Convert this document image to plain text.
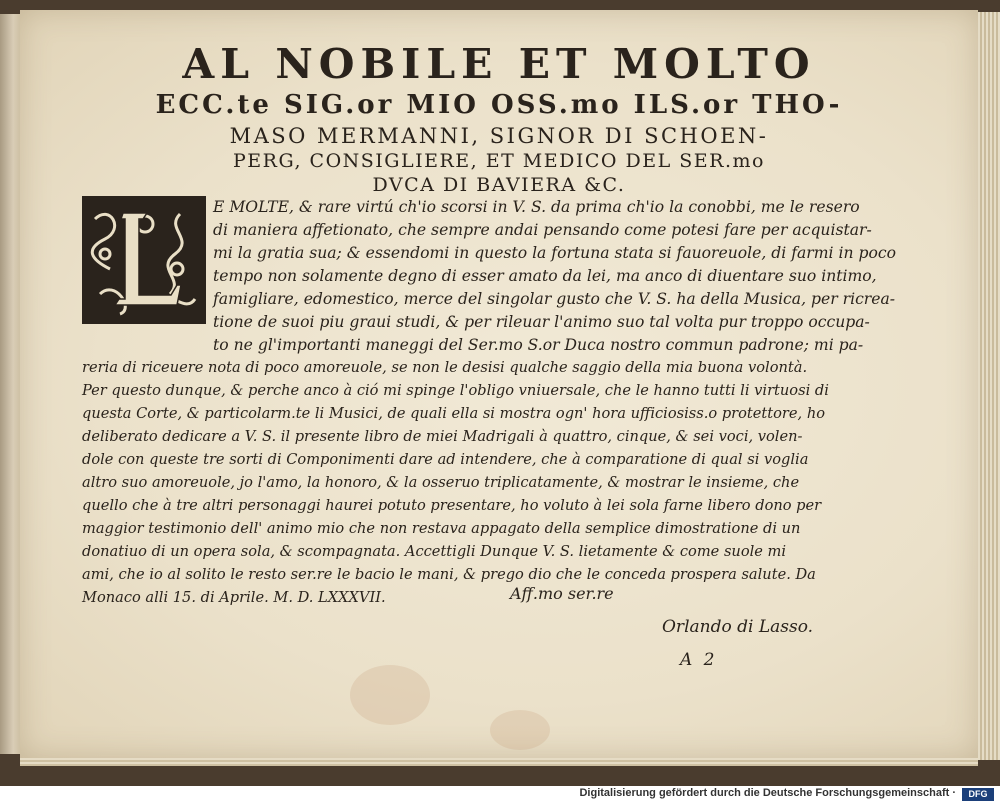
AL NOBILE ET MOLTO
ECC.te SIG.or MIO OSS.mo ILS.or THO-
MASO MERMANNI, SIGNOR DI SCHOEN-
PERG, CONSIGLIERE, ET MEDICO DEL SER.mo
DVCA DI BAVIERA &C.
E MOLTE, & rare virtú ch'io scorsi in V. S. da prima ch'io la conobbi, me le resero
di maniera affetionato, che sempre andai pensando come potesi fare per acquistar-
mi la gratia sua; & essendomi in questo la fortuna stata si fauoreuole, di farmi in poco
tempo non solamente degno di esser amato da lei, ma anco di diuentare suo intimo,
famigliare, edomestico, merce del singolar gusto che V. S. ha della Musica, per ricrea-
tione de suoi piu graui studi, & per rileuar l'animo suo tal volta pur troppo occupa-
to ne gl'importanti maneggi del Ser.mo S.or Duca nostro commun padrone; mi pa-
reria di riceuere nota di poco amoreuole, se non le desisi qualche saggio della mia buona volontà.
Per questo dunque, & perche anco à ció mi spinge l'obligo vniuersale, che le hanno tutti li virtuosi di
questa Corte, & particolarm.te li Musici, de quali ella si mostra ogn' hora ufficiosiss.o protettore, ho
deliberato dedicare a V. S. il presente libro de miei Madrigali à quattro, cinque, & sei voci, volen-
dole con queste tre sorti di Componimenti dare ad intendere, che à comparatione di qual si voglia
altro suo amoreuole, jo l'amo, la honoro, & la osseruo triplicatamente, & mostrar le insieme, che
quello che à tre altri personaggi haurei potuto presentare, ho voluto à lei sola farne libero dono per
maggior testimonio dell' animo mio che non restava appagato della semplice dimostratione di un
donatiuo di un opera sola, & scompagnata. Accettigli Dunque V. S. lietamente & come suole mi
ami, che io al solito le resto ser.re le bacio le mani, & prego dio che le conceda prospera salute. Da
Monaco alli 15. di Aprile. M. D. LXXXVII.	Aff.mo ser.re
Orlando di Lasso.
A 2
Digitalisierung gefördert durch die Deutsche Forschungsgemeinschaft ·	DFG
